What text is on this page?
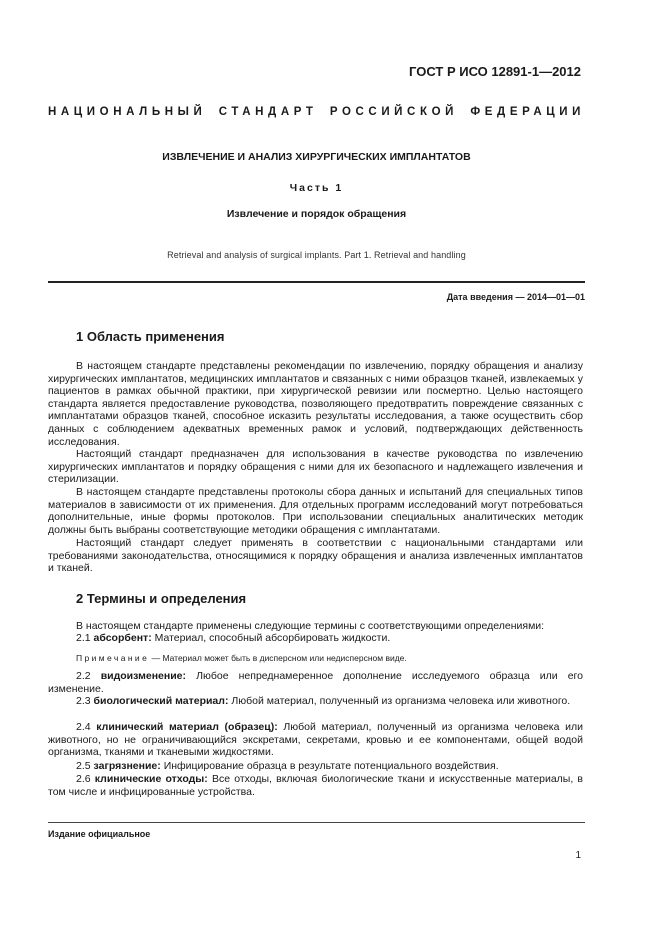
ГОСТ Р ИСО 12891-1—2012
НАЦИОНАЛЬНЫЙ СТАНДАРТ РОССИЙСКОЙ ФЕДЕРАЦИИ
ИЗВЛЕЧЕНИЕ И АНАЛИЗ ХИРУРГИЧЕСКИХ ИМПЛАНТАТОВ
Часть 1
Извлечение и порядок обращения
Retrieval and analysis of surgical implants. Part 1. Retrieval and handling
Дата введения — 2014—01—01
1 Область применения

В настоящем стандарте представлены рекомендации по извлечению, порядку обращения и анализу хирургических имплантатов, медицинских имплантатов и связанных с ними образцов тканей, извлекаемых у пациентов в рамках обычной практики, при хирургической ревизии или посмертно. Целью настоящего стандарта является предоставление руководства, позволяющего предотвратить повреждение связанных с имплантатами образцов тканей, способное исказить результаты исследования, а также осуществить сбор данных с соблюдением адекватных временных рамок и условий, подтверждающих действенность исследования.

Настоящий стандарт предназначен для использования в качестве руководства по извлечению хирургических имплантатов и порядку обращения с ними для их безопасного и надлежащего извлечения и стерилизации.

В настоящем стандарте представлены протоколы сбора данных и испытаний для специальных типов материалов в зависимости от их применения. Для отдельных программ исследований могут потребоваться дополнительные, иные формы протоколов. При использовании специальных аналитических методик должны быть выбраны соответствующие методики обращения с имплантатами.

Настоящий стандарт следует применять в соответствии с национальными стандартами или требованиями законодательства, относящимися к порядку обращения и анализа извлеченных имплантатов и тканей.

2 Термины и определения

В настоящем стандарте применены следующие термины с соответствующими определениями:

2.1 абсорбент: Материал, способный абсорбировать жидкости.

Примечание — Материал может быть в дисперсном или недисперсном виде.

2.2 видоизменение: Любое непреднамеренное дополнение исследуемого образца или его изменение.

2.3 биологический материал: Любой материал, полученный из организма человека или животного.

2.4 клинический материал (образец): Любой материал, полученный из организма человека или животного, но не ограничивающийся экскретами, секретами, кровью и ее компонентами, общей водой организма, тканями и тканевыми жидкостями.

2.5 загрязнение: Инфицирование образца в результате потенциального воздействия.

2.6 клинические отходы: Все отходы, включая биологические ткани и искусственные материалы, в том числе и инфицированные устройства.

Издание официальное
1
